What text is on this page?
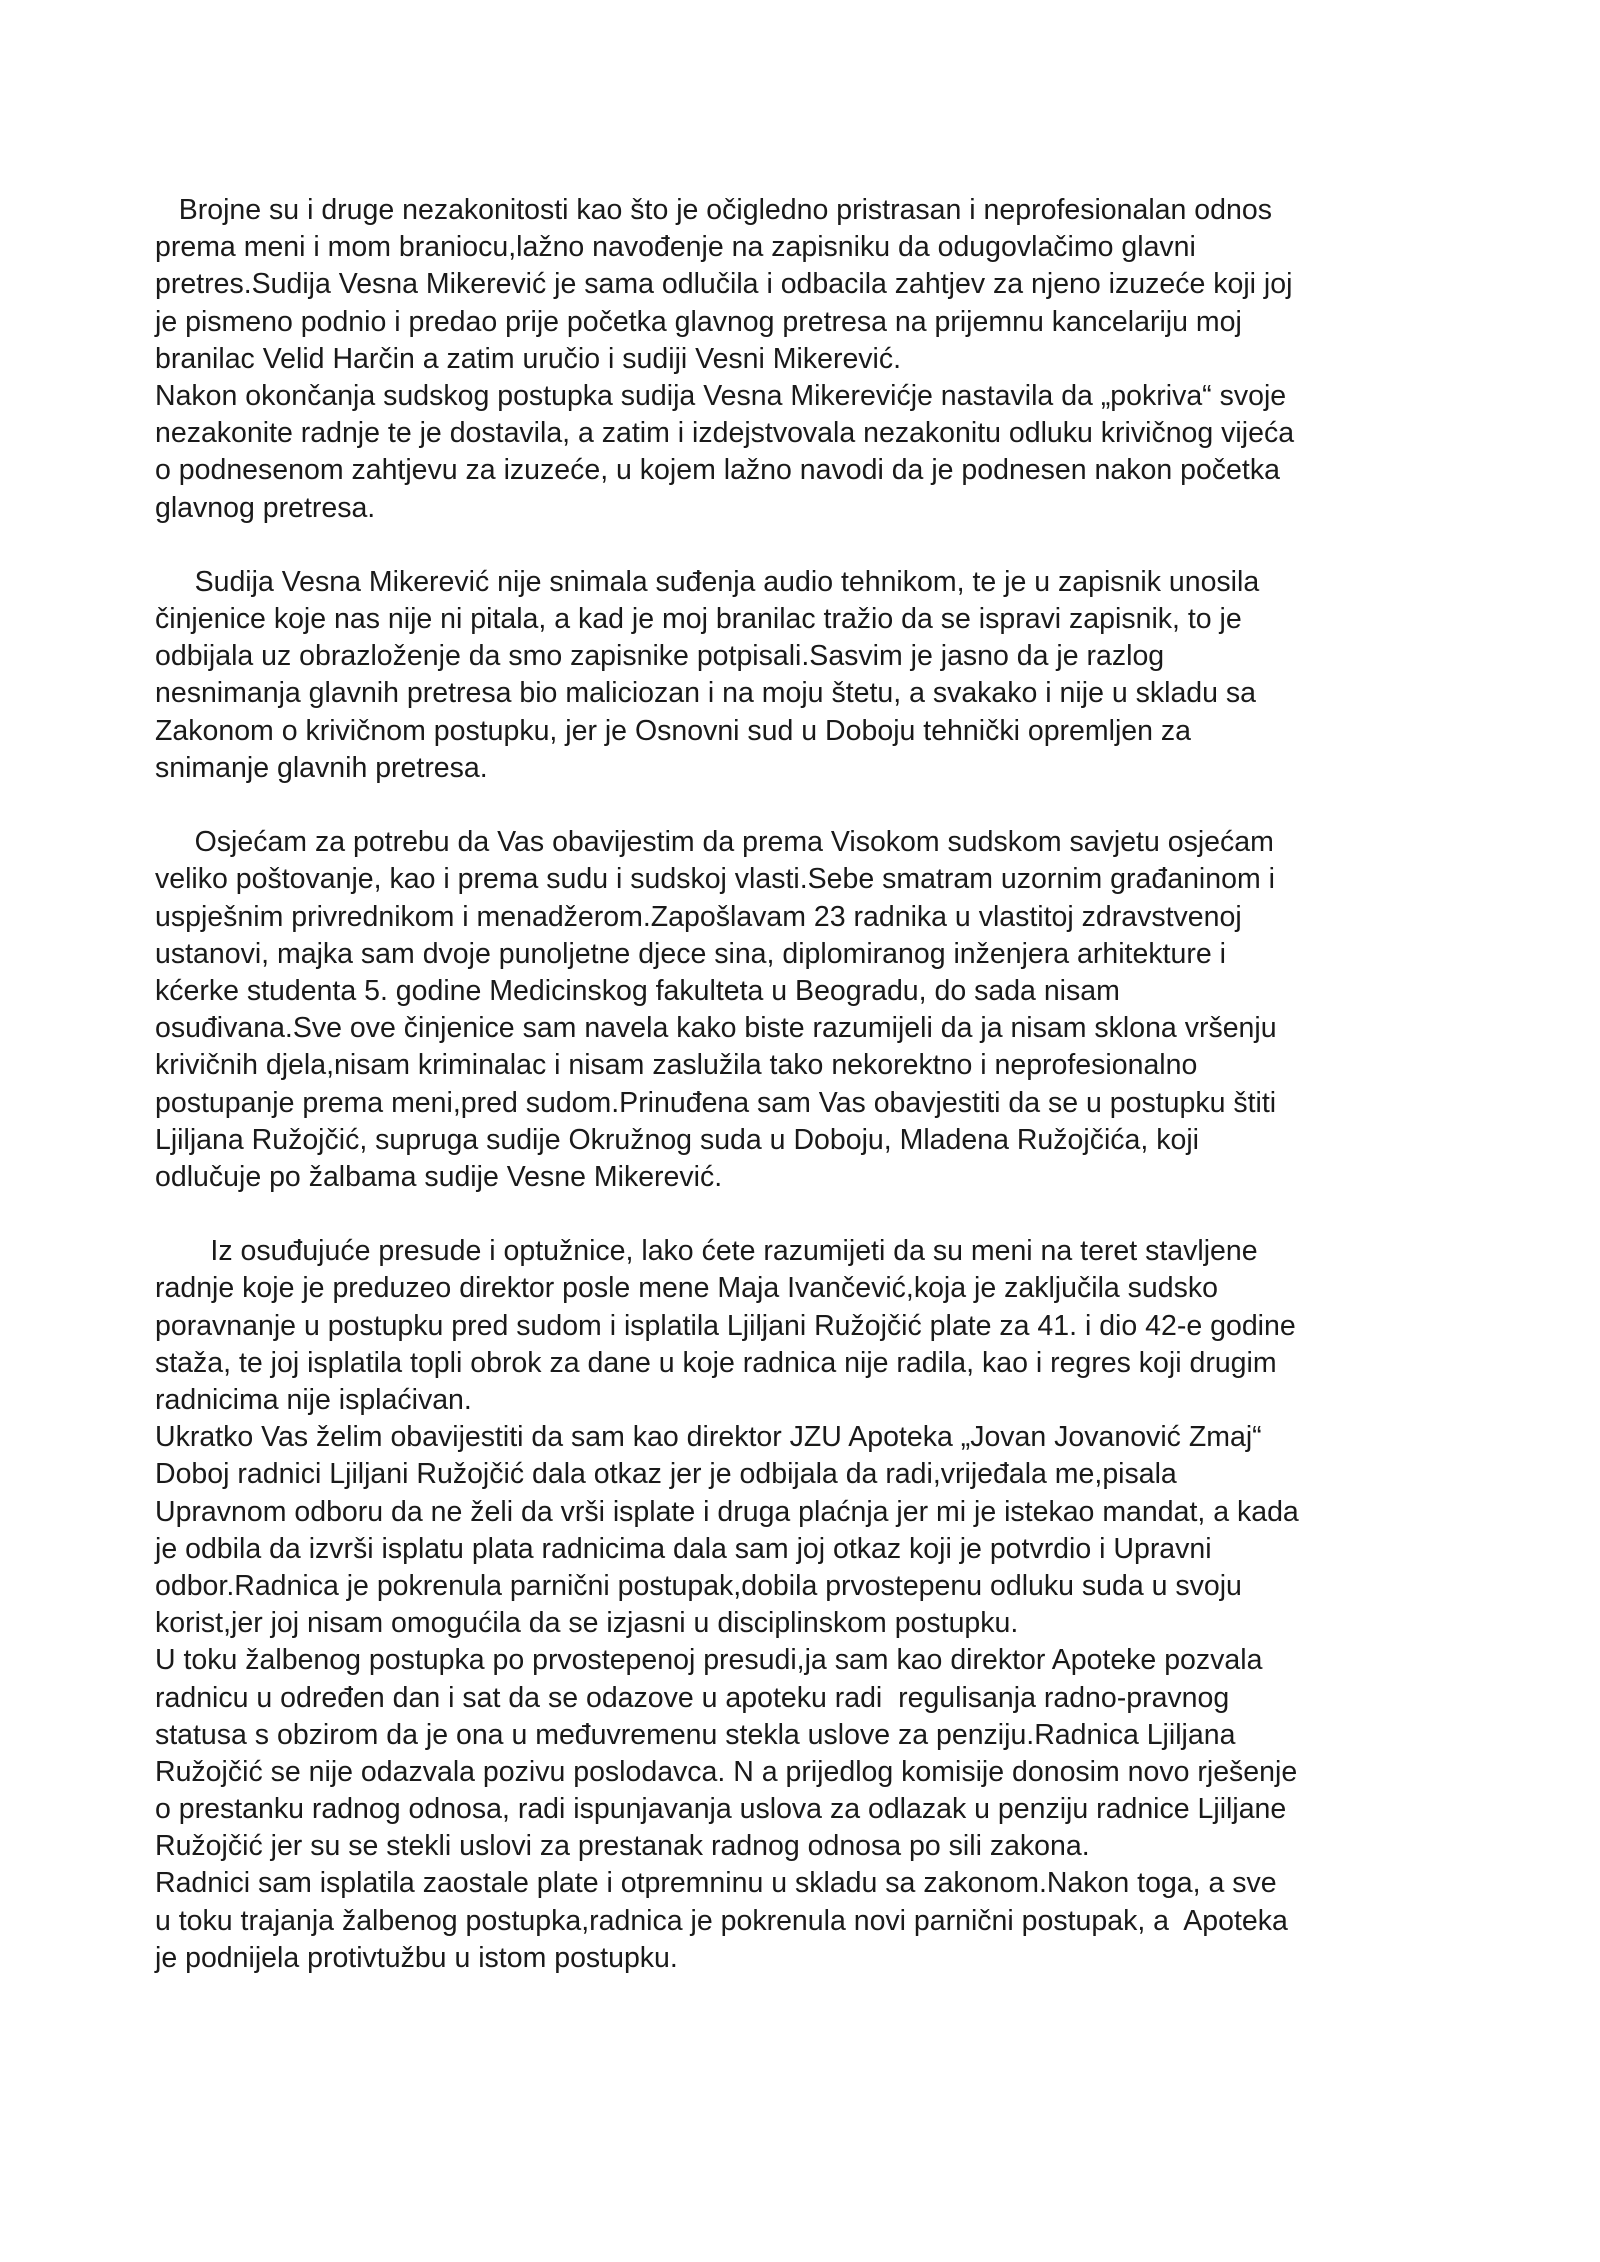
Brojne su i druge nezakonitosti kao što je očigledno pristrasan i neprofesionalan odnos
prema meni i mom braniocu,lažno navođenje na zapisniku da odugovlačimo glavni
pretres.Sudija Vesna Mikerević je sama odlučila i odbacila zahtjev za njeno izuzeće koji joj
je pismeno podnio i predao prije početka glavnog pretresa na prijemnu kancelariju moj
branilac Velid Harčin a zatim uručio i sudiji Vesni Mikerević.
Nakon okončanja sudskog postupka sudija Vesna Mikerevićje nastavila da „pokriva“ svoje
nezakonite radnje te je dostavila, a zatim i izdejstvovala nezakonitu odluku krivičnog vijeća
o podnesenom zahtjevu za izuzeće, u kojem lažno navodi da je podnesen nakon početka
glavnog pretresa.
Sudija Vesna Mikerević nije snimala suđenja audio tehnikom, te je u zapisnik unosila
činjenice koje nas nije ni pitala, a kad je moj branilac tražio da se ispravi zapisnik, to je
odbijala uz obrazloženje da smo zapisnike potpisali.Sasvim je jasno da je razlog
nesnimanja glavnih pretresa bio maliciozan i na moju štetu, a svakako i nije u skladu sa
Zakonom o krivičnom postupku, jer je Osnovni sud u Doboju tehnički opremljen za
snimanje glavnih pretresa.
Osjećam za potrebu da Vas obavijestim da prema Visokom sudskom savjetu osjećam
veliko poštovanje, kao i prema sudu i sudskoj vlasti.Sebe smatram uzornim građaninom i
uspješnim privrednikom i menadžerom.Zapošlavam 23 radnika u vlastitoj zdravstvenoj
ustanovi, majka sam dvoje punoljetne djece sina, diplomiranog inženjera arhitekture i
kćerke studenta 5. godine Medicinskog fakulteta u Beogradu, do sada nisam
osuđivana.Sve ove činjenice sam navela kako biste razumijeli da ja nisam sklona vršenju
krivičnih djela,nisam kriminalac i nisam zaslužila tako nekorektno i neprofesionalno
postupanje prema meni,pred sudom.Prinuđena sam Vas obavjestiti da se u postupku štiti
Ljiljana Ružojčić, supruga sudije Okružnog suda u Doboju, Mladena Ružojčića, koji
odlučuje po žalbama sudije Vesne Mikerević.
Iz osuđujuće presude i optužnice, lako ćete razumijeti da su meni na teret stavljene
radnje koje je preduzeo direktor posle mene Maja Ivančević,koja je zaključila sudsko
poravnanje u postupku pred sudom i isplatila Ljiljani Ružojčić plate za 41. i dio 42-e godine
staža, te joj isplatila topli obrok za dane u koje radnica nije radila, kao i regres koji drugim
radnicima nije isplaćivan.
Ukratko Vas želim obavijestiti da sam kao direktor JZU Apoteka „Jovan Jovanović Zmaj“
Doboj radnici Ljiljani Ružojčić dala otkaz jer je odbijala da radi,vrijeđala me,pisala
Upravnom odboru da ne želi da vrši isplate i druga plaćnja jer mi je istekao mandat, a kada
je odbila da izvrši isplatu plata radnicima dala sam joj otkaz koji je potvrdio i Upravni
odbor.Radnica je pokrenula parnični postupak,dobila prvostepenu odluku suda u svoju
korist,jer joj nisam omogućila da se izjasni u disciplinskom postupku.
U toku žalbenog postupka po prvostepenoj presudi,ja sam kao direktor Apoteke pozvala
radnicu u određen dan i sat da se odazove u apoteku radi  regulisanja radno-pravnog
statusa s obzirom da je ona u međuvremenu stekla uslove za penziju.Radnica Ljiljana
Ružojčić se nije odazvala pozivu poslodavca. N a prijedlog komisije donosim novo rješenje
o prestanku radnog odnosa, radi ispunjavanja uslova za odlazak u penziju radnice Ljiljane
Ružojčić jer su se stekli uslovi za prestanak radnog odnosa po sili zakona.
Radnici sam isplatila zaostale plate i otpremninu u skladu sa zakonom.Nakon toga, a sve
u toku trajanja žalbenog postupka,radnica je pokrenula novi parnični postupak, a  Apoteka
je podnijela protivtužbu u istom postupku.
